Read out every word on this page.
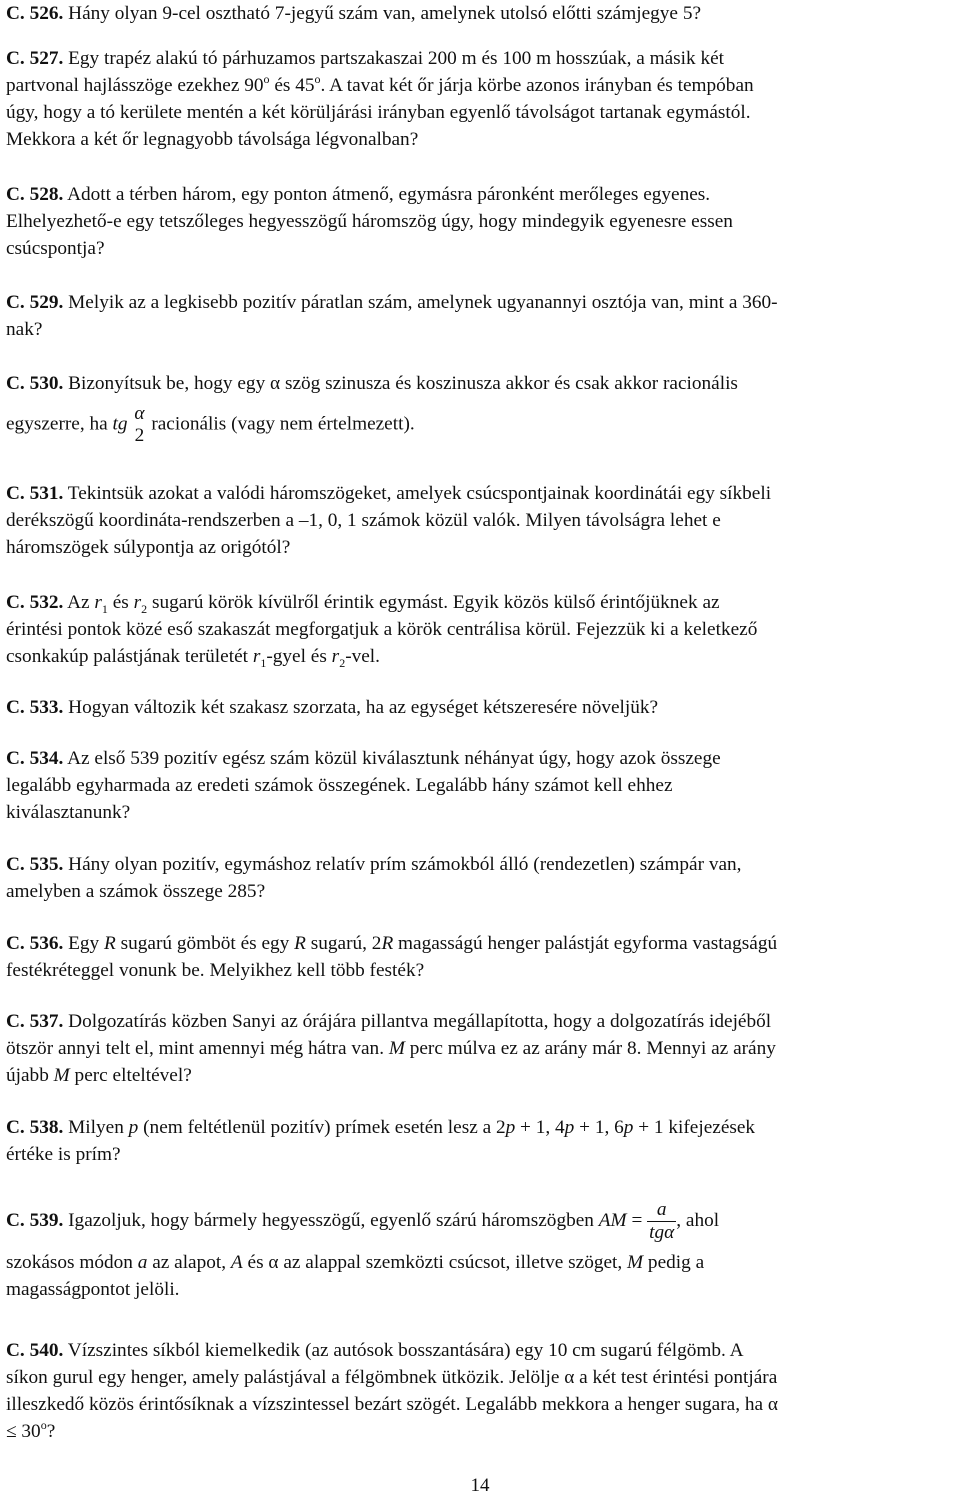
C. 526. Hány olyan 9-cel osztható 7-jegyű szám van, amelynek utolsó előtti számjegye 5?

C. 527. Egy trapéz alakú tó párhuzamos partszakaszai 200 m és 100 m hosszúak, a másik két
partvonal hajlásszöge ezekhez 90$^o$ és 45$^o$. A tavat két őr járja körbe azonos irányban és tempóban
úgy, hogy a tó kerülete mentén a két körüljárási irányban egyenlő távolságot tartanak egymástól.
Mekkora a két őr legnagyobb távolsága légvonalban?

C. 528. Adott a térben három, egy ponton átmenő, egymásra páronként merőleges egyenes.
Elhelyezhető-e egy tetszőleges hegyesszögű háromszög úgy, hogy mindegyik egyenesre essen
csúcspontja?

C. 529. Melyik az a legkisebb pozitív páratlan szám, amelynek ugyanannyi osztója van, mint a 360-
nak?

C. 530. Bizonyítsuk be, hogy egy α szög szinusza és koszinusza akkor és csak akkor racionális
egyszerre, ha tg α
2
racionális (vagy nem értelmezett).

C. 531. Tekintsük azokat a valódi háromszögeket, amelyek csúcspontjainak koordinátái egy síkbeli
derékszögű koordináta-rendszerben a –1, 0, 1 számok közül valók. Milyen távolságra lehet e
háromszögek súlypontja az origótól?

C. 532. Az $r_1$ és $r_2$ sugarú körök kívülről érintik egymást. Egyik közös külső érintőjüknek az
érintési pontok közé eső szakaszát megforgatjuk a körök centrálisa körül. Fejezzük ki a keletkező
csonkakúp palástjának területét $r_1$-gyel és $r_2$-vel.

C. 533. Hogyan változik két szakasz szorzata, ha az egységet kétszeresére növeljük?

C. 534. Az első 539 pozitív egész szám közül kiválasztunk néhányat úgy, hogy azok összege
legalább egyharmada az eredeti számok összegének. Legalább hány számot kell ehhez
kiválasztanunk?

C. 535. Hány olyan pozitív, egymáshoz relatív prím számokból álló (rendezetlen) számpár van,
amelyben a számok összege 285?

C. 536. Egy R sugarú gömböt és egy R sugarú, 2R magasságú henger palástját egyforma vastagságú
festékréteggel vonunk be. Melyikhez kell több festék?

C. 537. Dolgozatírás közben Sanyi az órájára pillantva megállapította, hogy a dolgozatírás idejéből
ötször annyi telt el, mint amennyi még hátra van. M perc múlva ez az arány már 8. Mennyi az arány
újabb M perc elteltével?

C. 538. Milyen p (nem feltétlenül pozitív) prímek esetén lesz a 2p + 1, 4p + 1, 6p + 1 kifejezések
értéke is prím?

C. 539. Igazoljuk, hogy bármely hegyesszögű, egyenlő szárú háromszögben AM = $\frac{a}{\text{tgα}}$ , ahol
szokásos módon a az alapot, A és α az alappal szemközti csúcsot, illetve szöget, M pedig a
magasságpontot jelöli.

C. 540. Vízszintes síkból kiemelkedik (az autósok bosszantására) egy 10 cm sugarú félgömb. A
síkon gurul egy henger, amely palástjával a félgömbnek ütközik. Jelölje α a két test érintési pontjára
illeszkedő közös érintősíknak a vízszintessel bezárt szögét. Legalább mekkora a henger sugara, ha α
≤ $30^o$?

14
